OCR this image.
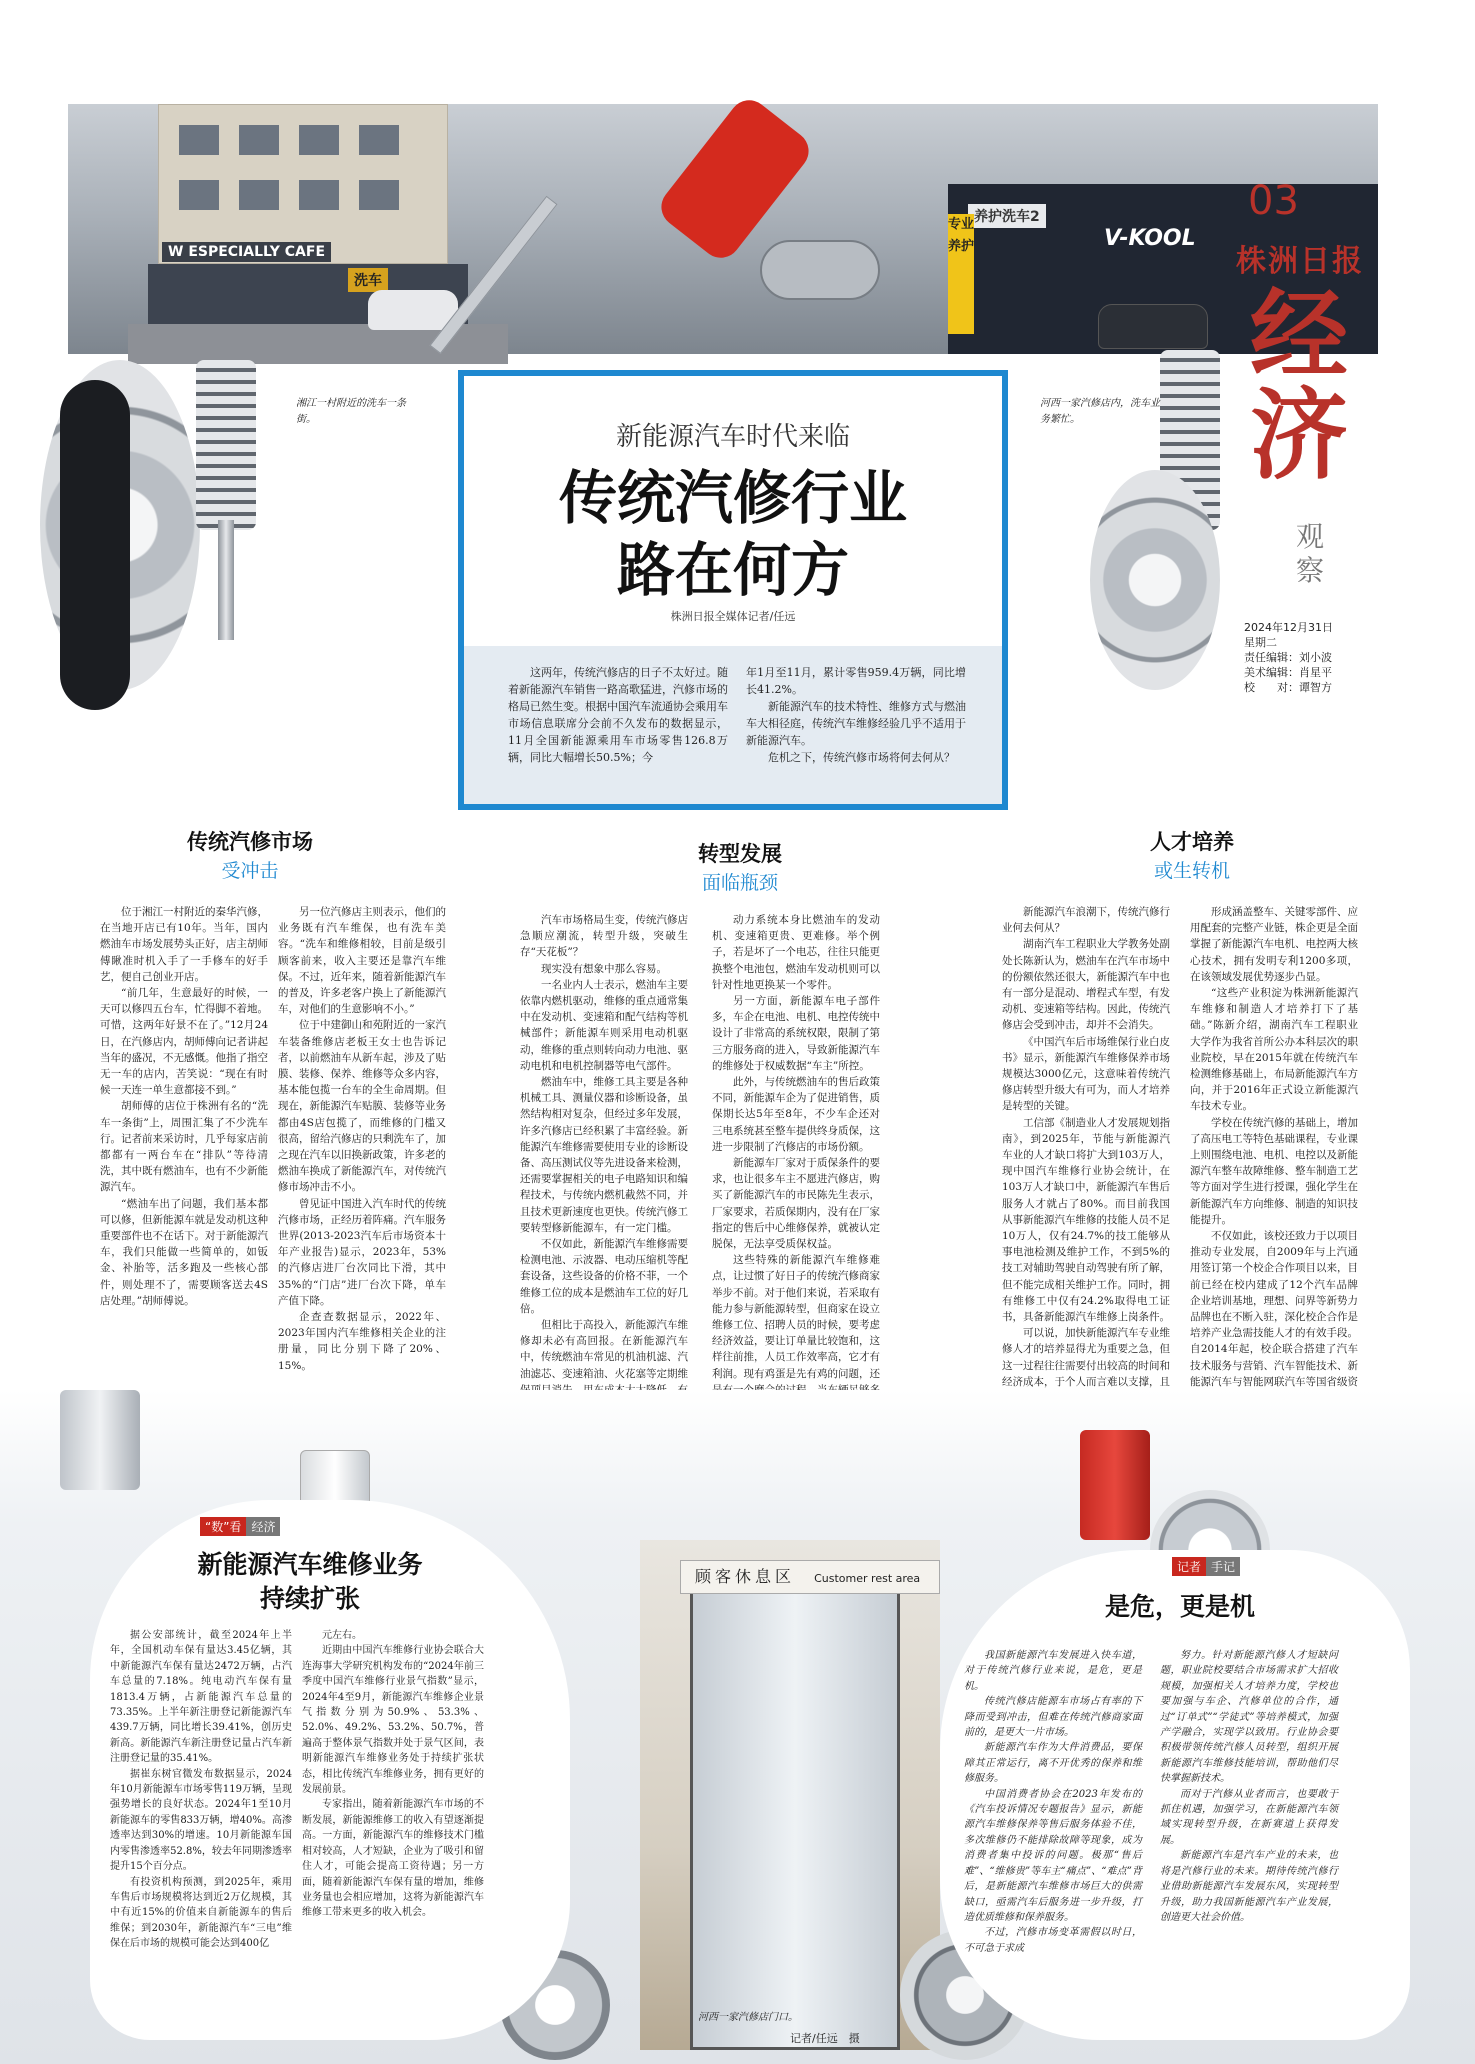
W ESPECIALLY CAFE
洗车
养护洗车2
V-KOOL
专业养护
湘江一村附近的洗车一条街。
河西一家汽修店内，洗车业务繁忙。
03
株洲日报
经济
观察
2024年12月31日
星期二
责任编辑：刘小波
美术编辑：肖星平
校　　对：谭智方
新能源汽车时代来临
传统汽修行业
路在何方
株洲日报全媒体记者/任远

这两年，传统汽修店的日子不太好过。随着新能源汽车销售一路高歌猛进，汽修市场的格局已然生变。根据中国汽车流通协会乘用车市场信息联席分会前不久发布的数据显示，11月全国新能源乘用车市场零售126.8万辆，同比大幅增长50.5%；今

年1月至11月，累计零售959.4万辆，同比增长41.2%。

新能源汽车的技术特性、维修方式与燃油车大相径庭，传统汽车维修经验几乎不适用于新能源汽车。

危机之下，传统汽修市场将何去何从？

传统汽修市场
受冲击
转型发展
面临瓶颈
人才培养
或生转机

位于湘江一村附近的秦华汽修，在当地开店已有10年。当年，国内燃油车市场发展势头正好，店主胡师傅瞅准时机入手了一手修车的好手艺，便自己创业开店。

“前几年，生意最好的时候，一天可以修四五台车，忙得脚不着地。可惜，这两年好景不在了。”12月24日，在汽修店内，胡师傅向记者讲起当年的盛况，不无感慨。他指了指空无一车的店内，苦笑说：“现在有时候一天连一单生意都接不到。”

胡师傅的店位于株洲有名的“洗车一条街”上，周围汇集了不少洗车行。记者前来采访时，几乎每家店前都都有一两台车在“排队”等待清洗，其中既有燃油车，也有不少新能源汽车。

“燃油车出了问题，我们基本都可以修，但新能源车就是发动机这种重要部件也不在话下。对于新能源汽车，我们只能做一些简单的，如钣金、补胎等，活多跑及一些核心部件，则处理不了，需要顾客送去4S店处理。”胡师傅说。

另一位汽修店主则表示，他们的业务既有汽车维保，也有洗车美容。“洗车和维修相较，目前是级引顾客前来，收入主要还是靠汽车维保。不过，近年来，随着新能源汽车的普及，许多老客户换上了新能源汽车，对他们的生意影响不小。”

位于中建御山和苑附近的一家汽车装备维修店老板王女士也告诉记者，以前燃油车从新车起，涉及了贴膜、装修、保养、维修等众多内容，基本能包揽一台车的全生命周期。但现在，新能源汽车贴膜、装修等业务都由4S店包揽了，而维修的门槛又很高，留给汽修店的只剩洗车了，加之现在汽车以旧换新政策，许多老的燃油车换成了新能源汽车，对传统汽修市场冲击不小。

曾见证中国进入汽车时代的传统汽修市场，正经历着阵痛。汽车服务世界(2013-2023汽车后市场资本十年产业报告)显示，2023年，53%的汽修店进厂台次同比下滑，其中35%的“门店”进厂台次下降，单车产值下降。

企查查数据显示，2022年、2023年国内汽车维修相关企业的注册量，同比分别下降了20%、15%。

汽车市场格局生变，传统汽修店急顺应潮流，转型升级，突破生存“天花板”？

现实没有想象中那么容易。

一名业内人士表示，燃油车主要依靠内燃机驱动，维修的重点通常集中在发动机、变速箱和配气结构等机械部件；新能源车则采用电动机驱动，维修的重点则转向动力电池、驱动电机和电机控制器等电气部件。

燃油车中，维修工具主要是各种机械工具、测量仪器和诊断设备，虽然结构相对复杂，但经过多年发展，许多汽修店已经积累了丰富经验。新能源汽车维修需要使用专业的诊断设备、高压测试仪等先进设备来检测，还需要掌握相关的电子电路知识和编程技术，与传统内燃机截然不同，并且技术更新速度也更快。传统汽修工要转型修新能源车，有一定门槛。

不仅如此，新能源汽车维修需要检测电池、示波器、电动压缩机等配套设备，这些设备的价格不菲，一个维修工位的成本是燃油车工位的好几倍。

但相比于高投入，新能源汽车维修却未必有高回报。在新能源汽车中，传统燃油车常见的机油机滤、汽油滤芯、变速箱油、火花塞等定期维

动力系统本身比燃油车的发动机、变速箱更贵、更难修。举个例子，若是坏了一个电芯，往往只能更换整个电池包，燃油车发动机则可以针对性地更换某一个零件。

另一方面，新能源车电子部件多，车企在电池、电机、电控传统中设计了非常高的系统权限，限制了第三方服务商的进入，导致新能源汽车的维修处于权威数据“车主”所控。

此外，与传统燃油车的售后政策不同，新能源车企为了促进销售，质保期长达5年至8年，不少车企还对三电系统甚至整车提供终身质保，这进一步限制了汽修店的市场份额。

新能源车厂家对于质保条件的要求，也让很多车主不愿进汽修店，购买了新能源汽车的市民陈先生表示，厂家要求，若质保期内，没有在厂家指定的售后中心维修保养，就被认定脱保，无法享受质保权益。

这些特殊的新能源汽车维修难点，让过惯了好日子的传统汽修商家举步不前。对于他们来说，若采取有能力参与新能源转型，但商家在设立维修工位、招聘人员的时候，要考虑经济效益，要让订单量比较饱和，这样往前推，人员工作效率高，它才有利润。现有鸡蛋是先有鸡的问题，还

新能源汽车浪潮下，传统汽修行业何去何从？

湖南汽车工程职业大学教务处副处长陈新认为，燃油车在汽车市场中的份额依然还很大，新能源汽车中也有一部分是混动、增程式车型，有发动机、变速箱等结构。因此，传统汽修店会受到冲击，却并不会消失。

《中国汽车后市场维保行业白皮书》显示，新能源汽车维修保养市场规模达3000亿元，这意味着传统汽修店转型升级大有可为，而人才培养是转型的关键。

工信部《制造业人才发展规划指南》，到2025年，节能与新能源汽车业的人才缺口将扩大到103万人，现中国汽车维修行业协会统计，在103万人才缺口中，新能源汽车售后服务人才就占了80%。而目前我国从事新能源汽车维修的技能人员不足10万人，仅有24.7%的技工能够从事电池检测及维护工作，不到5%的技工对辅助驾驶自动驾驶有所了解，但不能完成相关维护工作。同时，拥有维修工中仅有24.2%取得电工证书，具备新能源汽车维修上岗条件。

可以说，加快新能源汽车专业维修人才的培养显得尤为重要之急，但这一过程往往需要付出较高的时间和经济成本，于个人而言难以支撑，且

形成涵盖整车、关键零部件、应用配套的完整产业链，株企更是全面掌握了新能源汽车电机、电控两大核心技术，拥有发明专利1200多项，在该领域发展优势逐步凸显。

“这些产业积淀为株洲新能源汽车维修和制造人才培养打下了基础。”陈新介绍，湖南汽车工程职业大学作为我省首所公办本科层次的职业院校，早在2015年就在传统汽车检测维修基础上，布局新能源汽车方向，并于2016年正式设立新能源汽车技术专业。

学校在传统汽修的基础上，增加了高压电工等特色基础课程，专业课上则围绕电池、电机、电控以及新能源汽车整车故障维修、整车制造工艺等方面对学生进行授课，强化学生在新能源汽车方向维修、制造的知识技能提升。

不仅如此，该校还致力于以项目推动专业发展，自2009年与上汽通用签订第一个校企合作项目以来，目前已经在校内建成了12个汽车品牌企业培训基地，理想、问界等新势力品牌也在不断入驻，深化校企合作是培养产业急需技能人才的有效手段。自2014年起，校企联合搭建了汽车技术服务与营销、汽车智能技术、新能源汽车与智能网联汽车等国省级资

顾客休息区 Customer rest area
“数”看 经济
新能源汽车维修业务
持续扩张

据公安部统计，截至2024年上半年，全国机动车保有量达3.45亿辆，其中新能源汽车保有量达2472万辆，占汽车总量的7.18%。纯电动汽车保有量1813.4万辆，占新能源汽车总量的73.35%。上半年新注册登记新能源汽车439.7万辆，同比增长39.41%，创历史新高。新能源汽车新注册登记量占汽车新注册登记量的35.41%。

据崔东树官微发布数据显示，2024年10月新能源车市场零售119万辆，呈现强势增长的良好状态。2024年1至10月新能源车的零售833万辆，增40%。高渗透率达到30%的增速。10月新能源车国内零售渗透率52.8%，较去年同期渗透率提升15个百分点。

有投资机构预测，到2025年，乘用车售后市场规模将达到近2万亿规模，其中有近15%的价值来自新能源车的售后维保；到2030年，新能源汽车“三电”维保在后市场的规模可能会达到400亿

元左右。

近期由中国汽车维修行业协会联合大连海事大学研究机构发布的“2024年前三季度中国汽车维修行业景气指数”显示，2024年4至9月，新能源汽车维修企业景气指数分别为50.9%、53.3%、52.0%、49.2%、53.2%、50.7%，普遍高于整体景气指数并处于景气区间，表明新能源汽车维修业务处于持续扩张状态，相比传统汽车维修业务，拥有更好的发展前景。

专家指出，随着新能源汽车市场的不断发展，新能源维修工的收入有望逐渐提高。一方面，新能源汽车的维修技术门槛相对较高，人才短缺，企业为了吸引和留住人才，可能会提高工资待遇；另一方面，随着新能源汽车保有量的增加，维修业务量也会相应增加，这将为新能源汽车维修工带来更多的收入机会。

记者 手记
是危，更是机

我国新能源汽车发展进入快车道，对于传统汽修行业来说，是危，更是机。

传统汽修店能源车市场占有率的下降而受到冲击，但难在传统汽修商家面前的，是更大一片市场。

新能源汽车作为大件消费品，要保障其正常运行，离不开优秀的保养和维修服务。

中国消费者协会在2023年发布的《汽车投诉情况专题报告》显示，新能源汽车维修保养等售后服务体验不佳，多次维修仍不能排除故障等现象，成为消费者集中投诉的问题。极那“售后难”、“维修贵”等车主“痛点”、“难点”背后，是新能源汽车维修市场巨大的供需缺口，亟需汽车后服务进一步升级，打造优质维修和保养服务。

不过，汽修市场变革需假以时日，不可急于求成

努力。针对新能源汽修人才短缺问题，职业院校要结合市场需求扩大招收规模，加强相关人才培养力度，学校也要加强与车企、汽修单位的合作，通过“订单式”“学徒式”等培养模式，加强产学融合，实现学以致用。行业协会要积极带领传统汽修人员转型，组织开展新能源汽车维修技能培训，帮助他们尽快掌握新技术。

而对于汽修从业者而言，也要敢于抓住机遇，加强学习，在新能源汽车领域实现转型升级，在新赛道上获得发展。

新能源汽车是汽车产业的未来，也将是汽修行业的未来。期待传统汽修行业借助新能源汽车发展东风，实现转型升级，助力我国新能源汽车产业发展，创造更大社会价值。

河西一家汽修店门口。
记者/任远　摄
